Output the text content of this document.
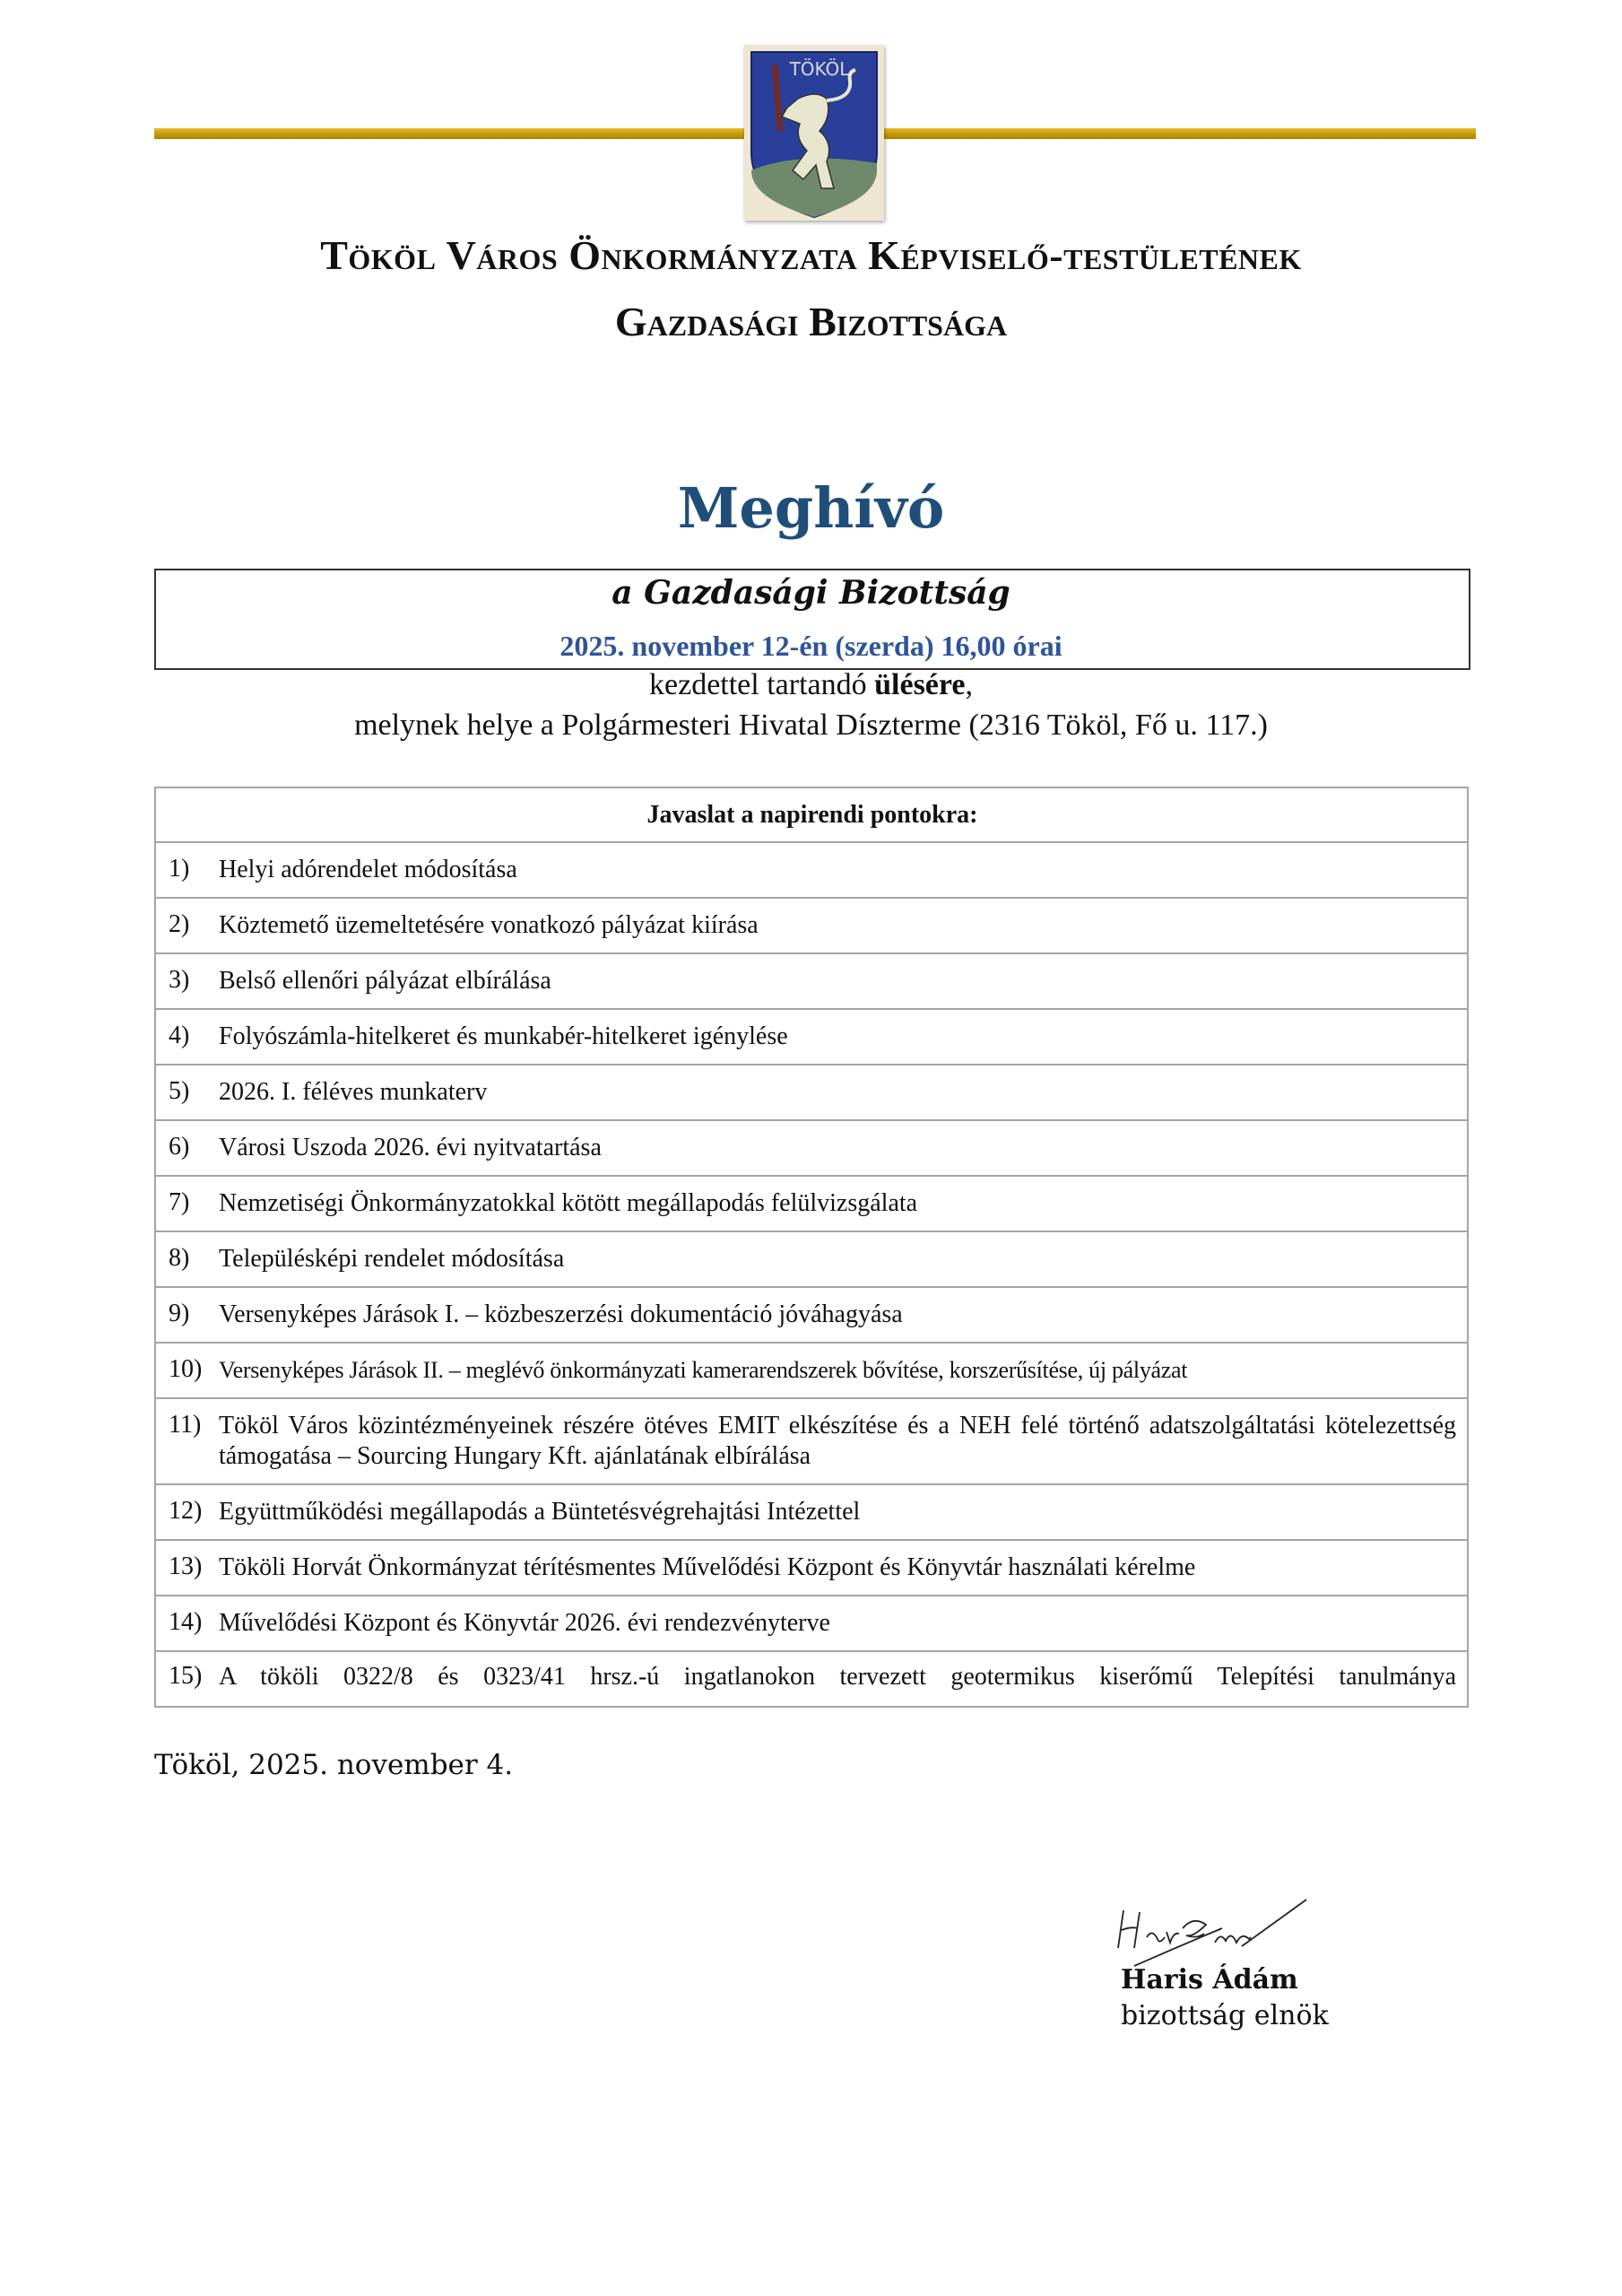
TÖKÖL
Tököl Város Önkormányzata Képviselő-testületének
Gazdasági Bizottsága
Meghívó
a Gazdasági Bizottság
2025. november 12-én (szerda) 16,00 órai
kezdettel tartandó ülésére,
melynek helye a Polgármesteri Hivatal Díszterme (2316 Tököl, Fő u. 117.)
Javaslat a napirendi pontokra:

1)	Helyi adórendelet módosítása

2)	Köztemető üzemeltetésére vonatkozó pályázat kiírása

3)	Belső ellenőri pályázat elbírálása

4)	Folyószámla-hitelkeret és munkabér-hitelkeret igénylése

5)	2026. I. féléves munkaterv

6)	Városi Uszoda 2026. évi nyitvatartása

7)	Nemzetiségi Önkormányzatokkal kötött megállapodás felülvizsgálata

8)	Településképi rendelet módosítása

9)	Versenyképes Járások I. – közbeszerzési dokumentáció jóváhagyása

10) Versenyképes Járások II. – meglévő önkormányzati kamerarendszerek bővítése, korszerűsítése, új pályázat

11) Tököl Város közintézményeinek részére ötéves EMIT elkészítése és a NEH felé történő adatszolgáltatási kötelezettség támogatása – Sourcing Hungary Kft. ajánlatának elbírálása

12) Együttműködési megállapodás a Büntetésvégrehajtási Intézettel

13) Tököli Horvát Önkormányzat térítésmentes Művelődési Központ és Könyvtár használati kérelme

14) Művelődési Központ és Könyvtár 2026. évi rendezvényterve

15) A tököli 0322/8 és 0323/41 hrsz.-ú ingatlanokon tervezett geotermikus kiserőmű Telepítési tanulmánya
Tököl, 2025. november 4.
Haris Ádám
bizottság elnök
